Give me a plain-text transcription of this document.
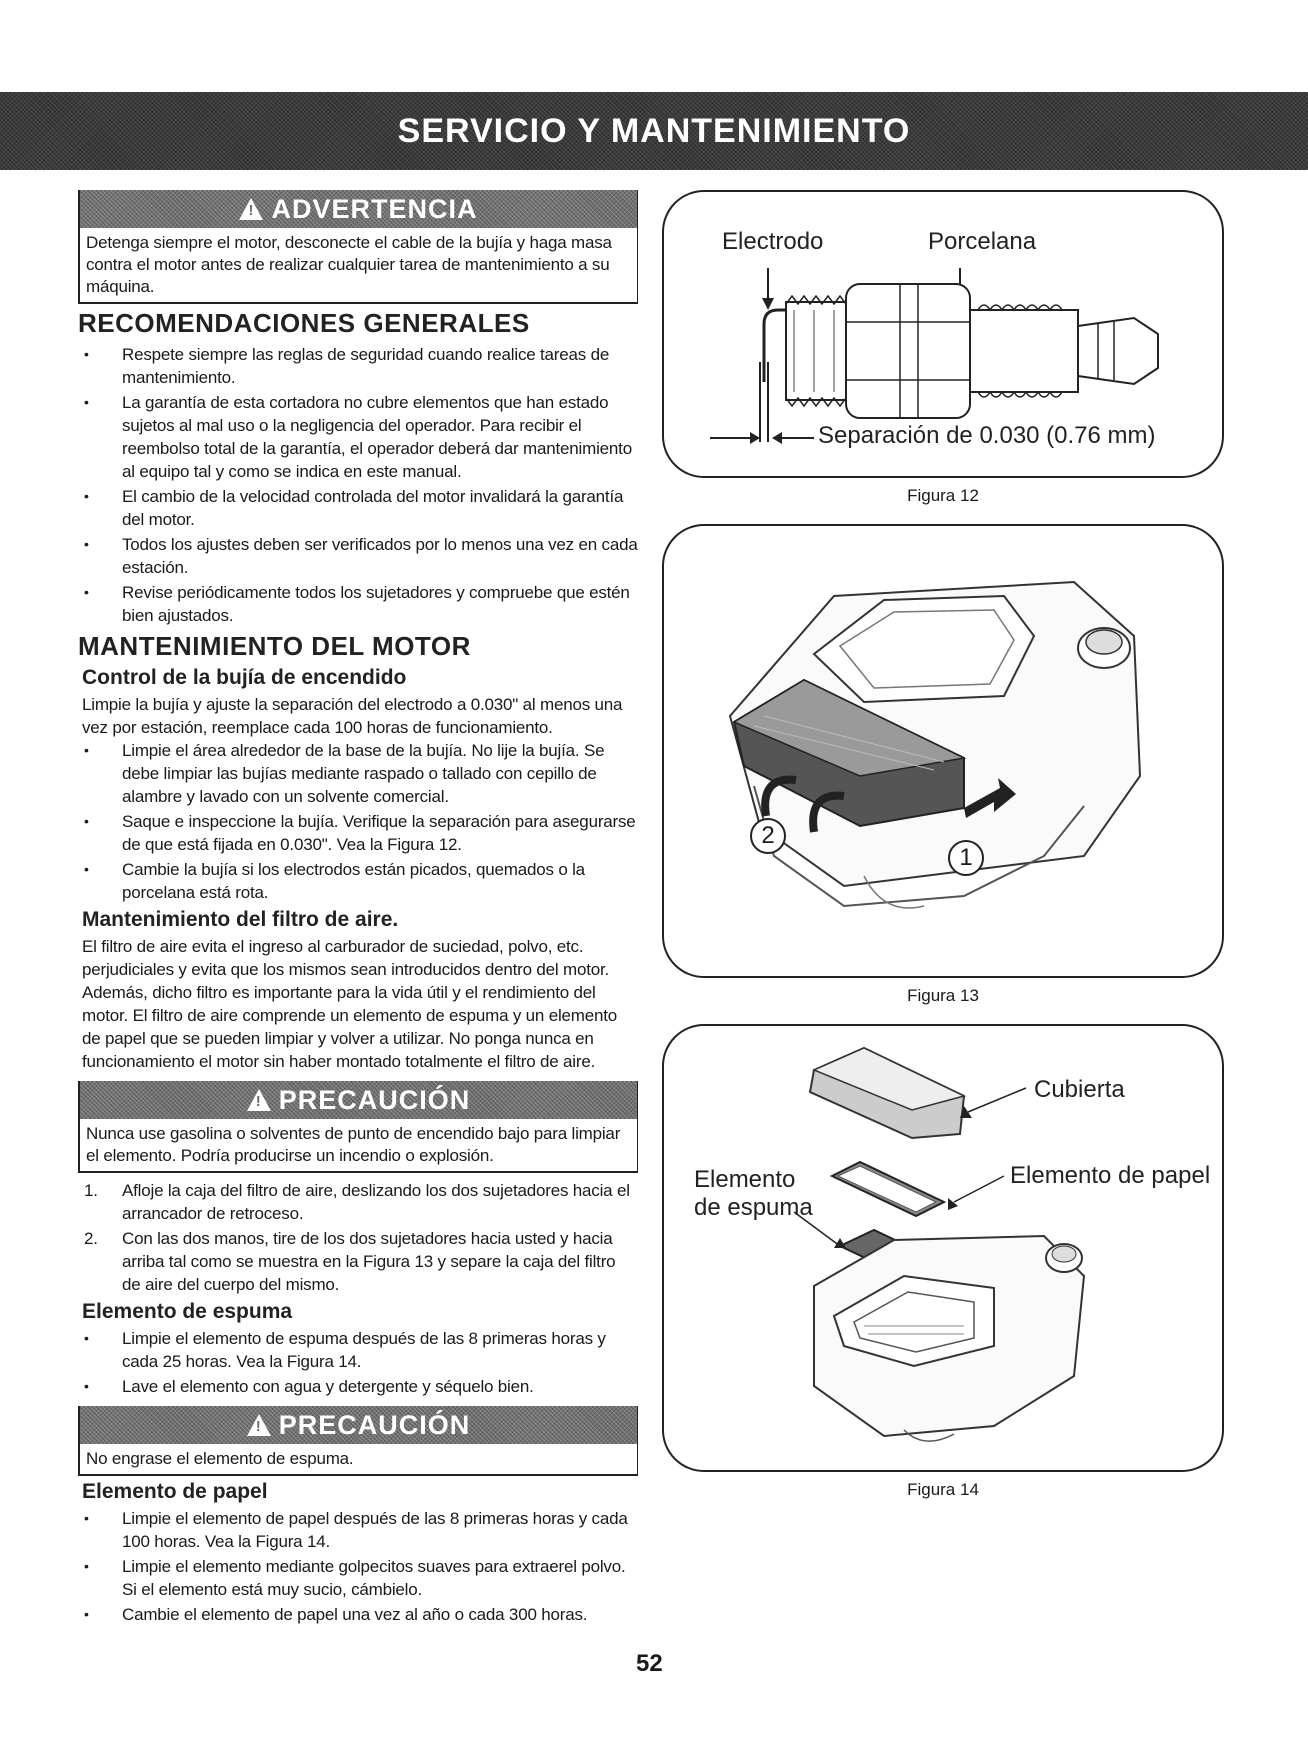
SERVICIO Y MANTENIMIENTO
!
ADVERTENCIA
Detenga siempre el motor, desconecte el cable de la bujía y haga masa contra el motor antes de realizar cualquier tarea de mantenimiento a su máquina.
RECOMENDACIONES GENERALES
• Respete siempre las reglas de seguridad cuando realice tareas de mantenimiento.
• La garantía de esta cortadora no cubre elementos que han estado sujetos al mal uso o la negligencia del operador. Para recibir el reembolso total de la garantía, el operador deberá dar mantenimiento al equipo tal y como se indica en este manual.
• El cambio de la velocidad controlada del motor invalidará la garantía del motor.
• Todos los ajustes deben ser verificados por lo menos una vez en cada estación.
• Revise periódicamente todos los sujetadores y compruebe que estén bien ajustados.
MANTENIMIENTO DEL MOTOR
Control de la bujía de encendido

Limpie la bujía y ajuste la separación del electrodo a 0.030" al menos una vez por estación, reemplace cada 100 horas de funcionamiento.

• Limpie el área alrededor de la base de la bujía. No lije la bujía. Se debe limpiar las bujías mediante raspado o tallado con cepillo de alambre y lavado con un solvente comercial.
• Saque e inspeccione la bujía. Verifique la separación para asegurarse de que está fijada en 0.030". Vea la Figura 12.
• Cambie la bujía si los electrodos están picados, quemados o la porcelana está rota.
Mantenimiento del filtro de aire.

El filtro de aire evita el ingreso al carburador de suciedad, polvo, etc. perjudiciales y evita que los mismos sean introducidos dentro del motor. Además, dicho filtro es importante para la vida útil y el rendimiento del motor. El filtro de aire comprende un elemento de espuma y un elemento de papel que se pueden limpiar y volver a utilizar. No ponga nunca en funcionamiento el motor sin haber montado totalmente el filtro de aire.

!
PRECAUCIÓN
Nunca use gasolina o solventes de punto de encendido bajo para limpiar el elemento. Podría producirse un incendio o explosión.
1. Afloje la caja del filtro de aire, deslizando los dos sujetadores hacia el arrancador de retroceso.
2. Con las dos manos, tire de los dos sujetadores hacia usted y hacia arriba tal como se muestra en la Figura 13 y separe la caja del filtro de aire del cuerpo del mismo.
Elemento de espuma
• Limpie el elemento de espuma después de las 8 primeras horas y cada 25 horas. Vea la Figura 14.
• Lave el elemento con agua y detergente y séquelo bien.
!
PRECAUCIÓN
No engrase el elemento de espuma.
Elemento de papel
• Limpie el elemento de papel después de las 8 primeras horas y cada 100 horas. Vea la Figura 14.
• Limpie el elemento mediante golpecitos suaves para extraerel polvo. Si el elemento está muy sucio, cámbielo.
• Cambie el elemento de papel una vez al año o cada 300 horas.
Electrodo	Porcelana
Separación de 0.030 (0.76 mm)
Figura 12
2
1
Figura 13
Cubierta
Elemento
de espuma
Elemento de papel
Figura 14
52
